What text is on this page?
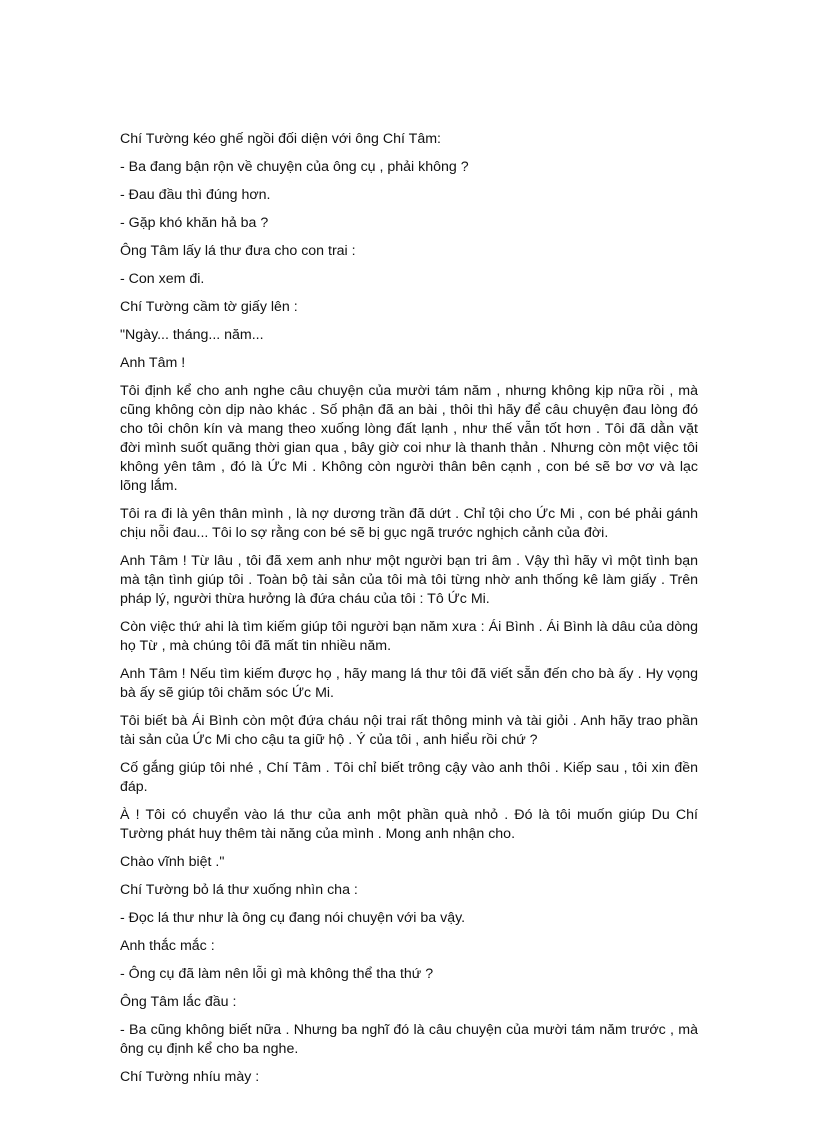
Chí Tường kéo ghế ngồi đối diện với ông Chí Tâm:

- Ba đang bận rộn về chuyện của ông cụ , phải không ?

- Đau đầu thì đúng hơn.

- Gặp khó khăn hả ba ?

Ông Tâm lấy lá thư đưa cho con trai :

- Con xem đi.

Chí Tường cầm tờ giấy lên :

"Ngày... tháng... năm...

Anh Tâm !

Tôi định kể cho anh nghe câu chuyện của mười tám năm , nhưng không kịp nữa rồi , mà cũng không còn dịp nào khác . Số phận đã an bài , thôi thì hãy để câu chuyện đau lòng đó cho tôi chôn kín và mang theo xuống lòng đất lạnh , như thế vẫn tốt hơn . Tôi đã dằn vặt đời mình suốt quãng thời gian qua , bây giờ coi như là thanh thản . Nhưng còn một việc tôi không yên tâm , đó là Ức Mi . Không còn người thân bên cạnh , con bé sẽ bơ vơ và lạc lõng lắm.

Tôi ra đi là yên thân mình , là nợ dương trần đã dứt . Chỉ tội cho Ức Mi , con bé phải gánh chịu nỗi đau... Tôi lo sợ rằng con bé sẽ bị gục ngã trước nghịch cảnh của đời.

Anh Tâm ! Từ lâu , tôi đã xem anh như một người bạn tri âm . Vậy thì hãy vì một tình bạn mà tận tình giúp tôi . Toàn bộ tài sản của tôi mà tôi từng nhờ anh thống kê làm giấy . Trên pháp lý, người thừa hưởng là đứa cháu của tôi : Tô Ức Mi.

Còn việc thứ ahi là tìm kiếm giúp tôi người bạn năm xưa : Ái Bình . Ái Bình là dâu của dòng họ Từ , mà chúng tôi đã mất tin nhiều năm.

Anh Tâm ! Nếu tìm kiếm được họ , hãy mang lá thư tôi đã viết sẵn đến cho bà ấy . Hy vọng bà ấy sẽ giúp tôi chăm sóc Ức Mi.

Tôi biết bà Ái Bình còn một đứa cháu nội trai rất thông minh và tài giỏi . Anh hãy trao phần tài sản của Ức Mi cho cậu ta giữ hộ . Ý của tôi , anh hiểu rồi chứ ?

Cố gắng giúp tôi nhé , Chí Tâm . Tôi chỉ biết trông cậy vào anh thôi . Kiếp sau , tôi xin đền đáp.

À ! Tôi có chuyển vào lá thư của anh một phần quà nhỏ . Đó là tôi muốn giúp Du Chí Tường phát huy thêm tài năng của mình . Mong anh nhận cho.

Chào vĩnh biệt ."

Chí Tường bỏ lá thư xuống nhìn cha :

- Đọc lá thư như là ông cụ đang nói chuyện với ba vậy.

Anh thắc mắc :

- Ông cụ đã làm nên lỗi gì mà không thể tha thứ ?

Ông Tâm lắc đầu :

- Ba cũng không biết nữa . Nhưng ba nghĩ đó là câu chuyện của mười tám năm trước , mà ông cụ định kể cho ba nghe.

Chí Tường nhíu mày :
